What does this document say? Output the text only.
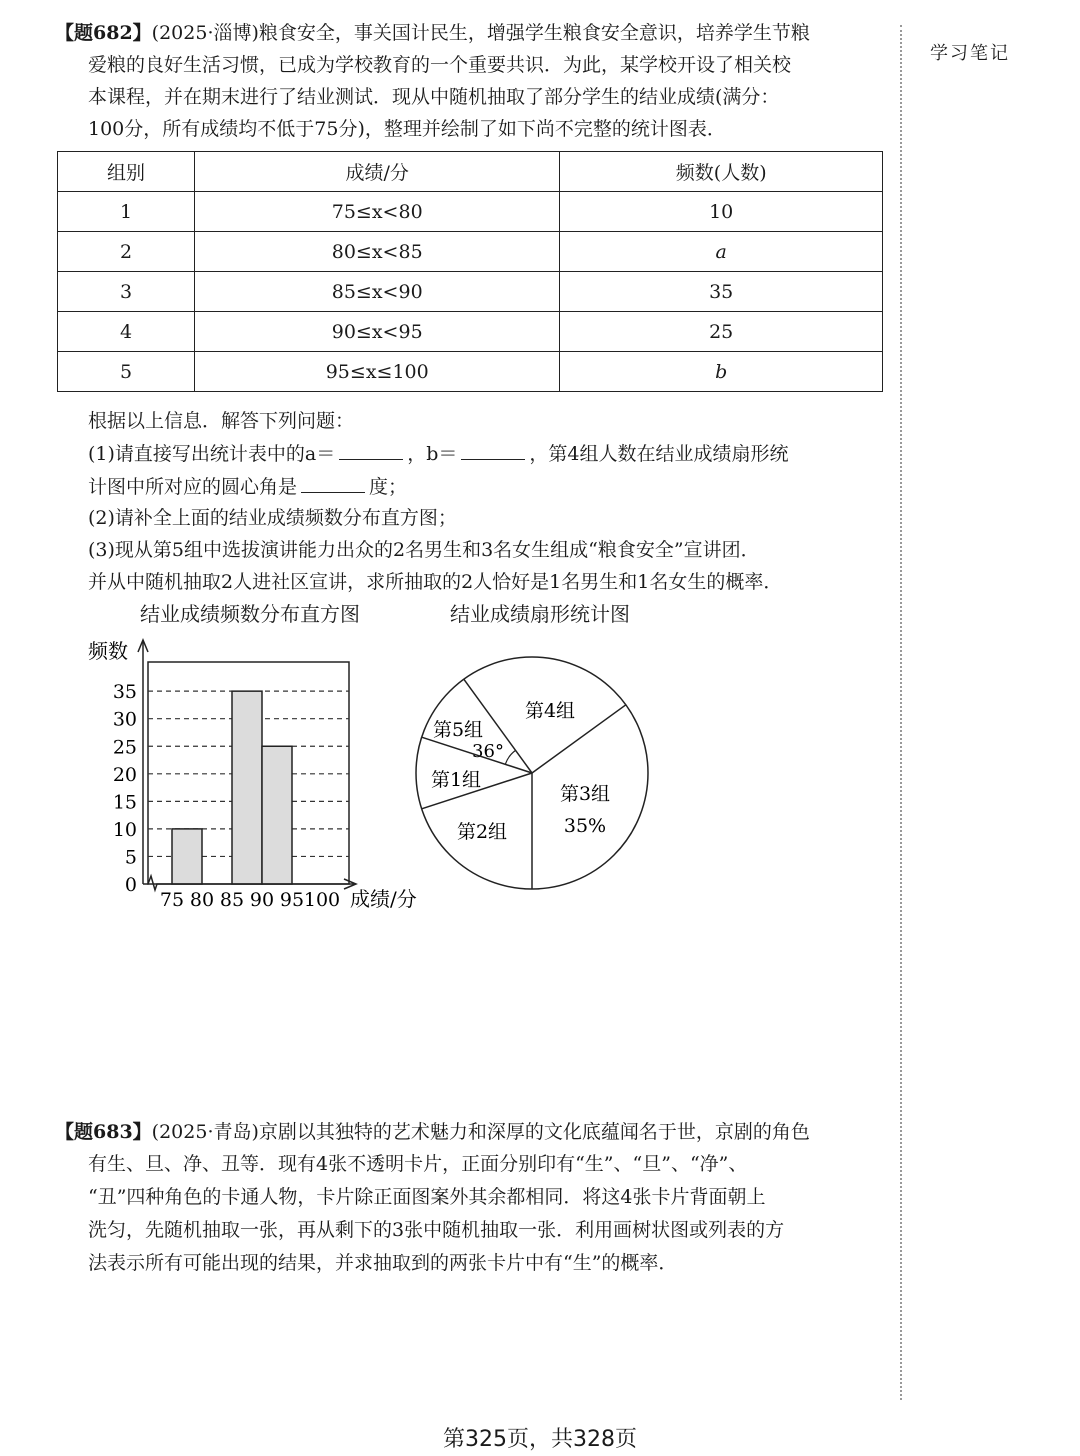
学习笔记
【题682】(2025·淄博)粮食安全，事关国计民生，增强学生粮食安全意识，培养学生节粮
爱粮的良好生活习惯，已成为学校教育的一个重要共识．为此，某学校开设了相关校
本课程，并在期末进行了结业测试．现从中随机抽取了部分学生的结业成绩(满分：
100分，所有成绩均不低于75分)，整理并绘制了如下尚不完整的统计图表．
组别	成绩/分	频数(人数)
1	75≤x<80	10
2	80≤x<85	a
3	85≤x<90	35
4	90≤x<95	25
5	95≤x≤100	b
根据以上信息．解答下列问题：
(1)请直接写出统计表中的a＝	，b＝	，第4组人数在结业成绩扇形统
计图中所对应的圆心角是	度；
(2)请补全上面的结业成绩频数分布直方图；
(3)现从第5组中选拔演讲能力出众的2名男生和3名女生组成“粮食安全”宣讲团．
并从中随机抽取2人进社区宣讲，求所抽取的2人恰好是1名男生和1名女生的概率．
结业成绩频数分布直方图	结业成绩扇形统计图
0
5
10
15
20
25
30
35
75 80 85 90 95 100 成绩/分
频数
第3组
35%
第4组
第5组
36°
第1组
第2组
【题683】(2025·青岛)京剧以其独特的艺术魅力和深厚的文化底蕴闻名于世，京剧的角色
有生、旦、净、丑等．现有4张不透明卡片，正面分别印有“生”、“旦”、“净”、
“丑”四种角色的卡通人物，卡片除正面图案外其余都相同．将这4张卡片背面朝上
洗匀，先随机抽取一张，再从剩下的3张中随机抽取一张．利用画树状图或列表的方
法表示所有可能出现的结果，并求抽取到的两张卡片中有“生”的概率．
第325页，共328页
